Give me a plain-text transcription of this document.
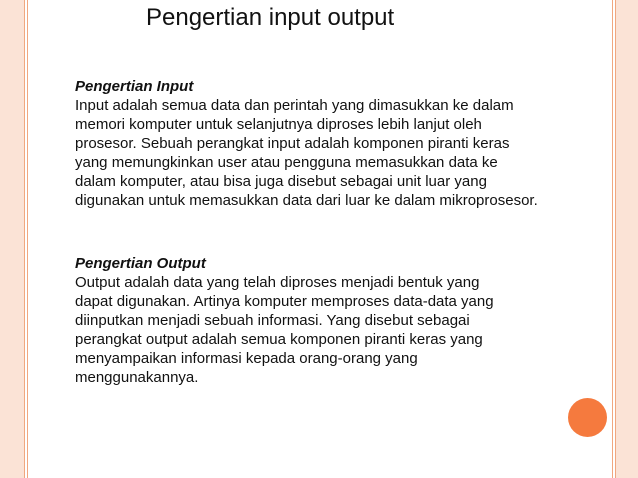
Pengertian input output
Pengertian Input
Input adalah semua data dan perintah yang dimasukkan ke dalam
memori komputer untuk selanjutnya diproses lebih lanjut oleh
prosesor. Sebuah perangkat input adalah komponen piranti keras
yang memungkinkan user atau pengguna memasukkan data ke
dalam komputer, atau bisa juga disebut sebagai unit luar yang
digunakan untuk memasukkan data dari luar ke dalam mikroprosesor.
Pengertian Output
Output adalah data yang telah diproses menjadi bentuk yang
dapat digunakan. Artinya komputer memproses data-data yang
diinputkan menjadi sebuah informasi. Yang disebut sebagai
perangkat output adalah semua komponen piranti keras yang
menyampaikan informasi kepada orang-orang yang
menggunakannya.
